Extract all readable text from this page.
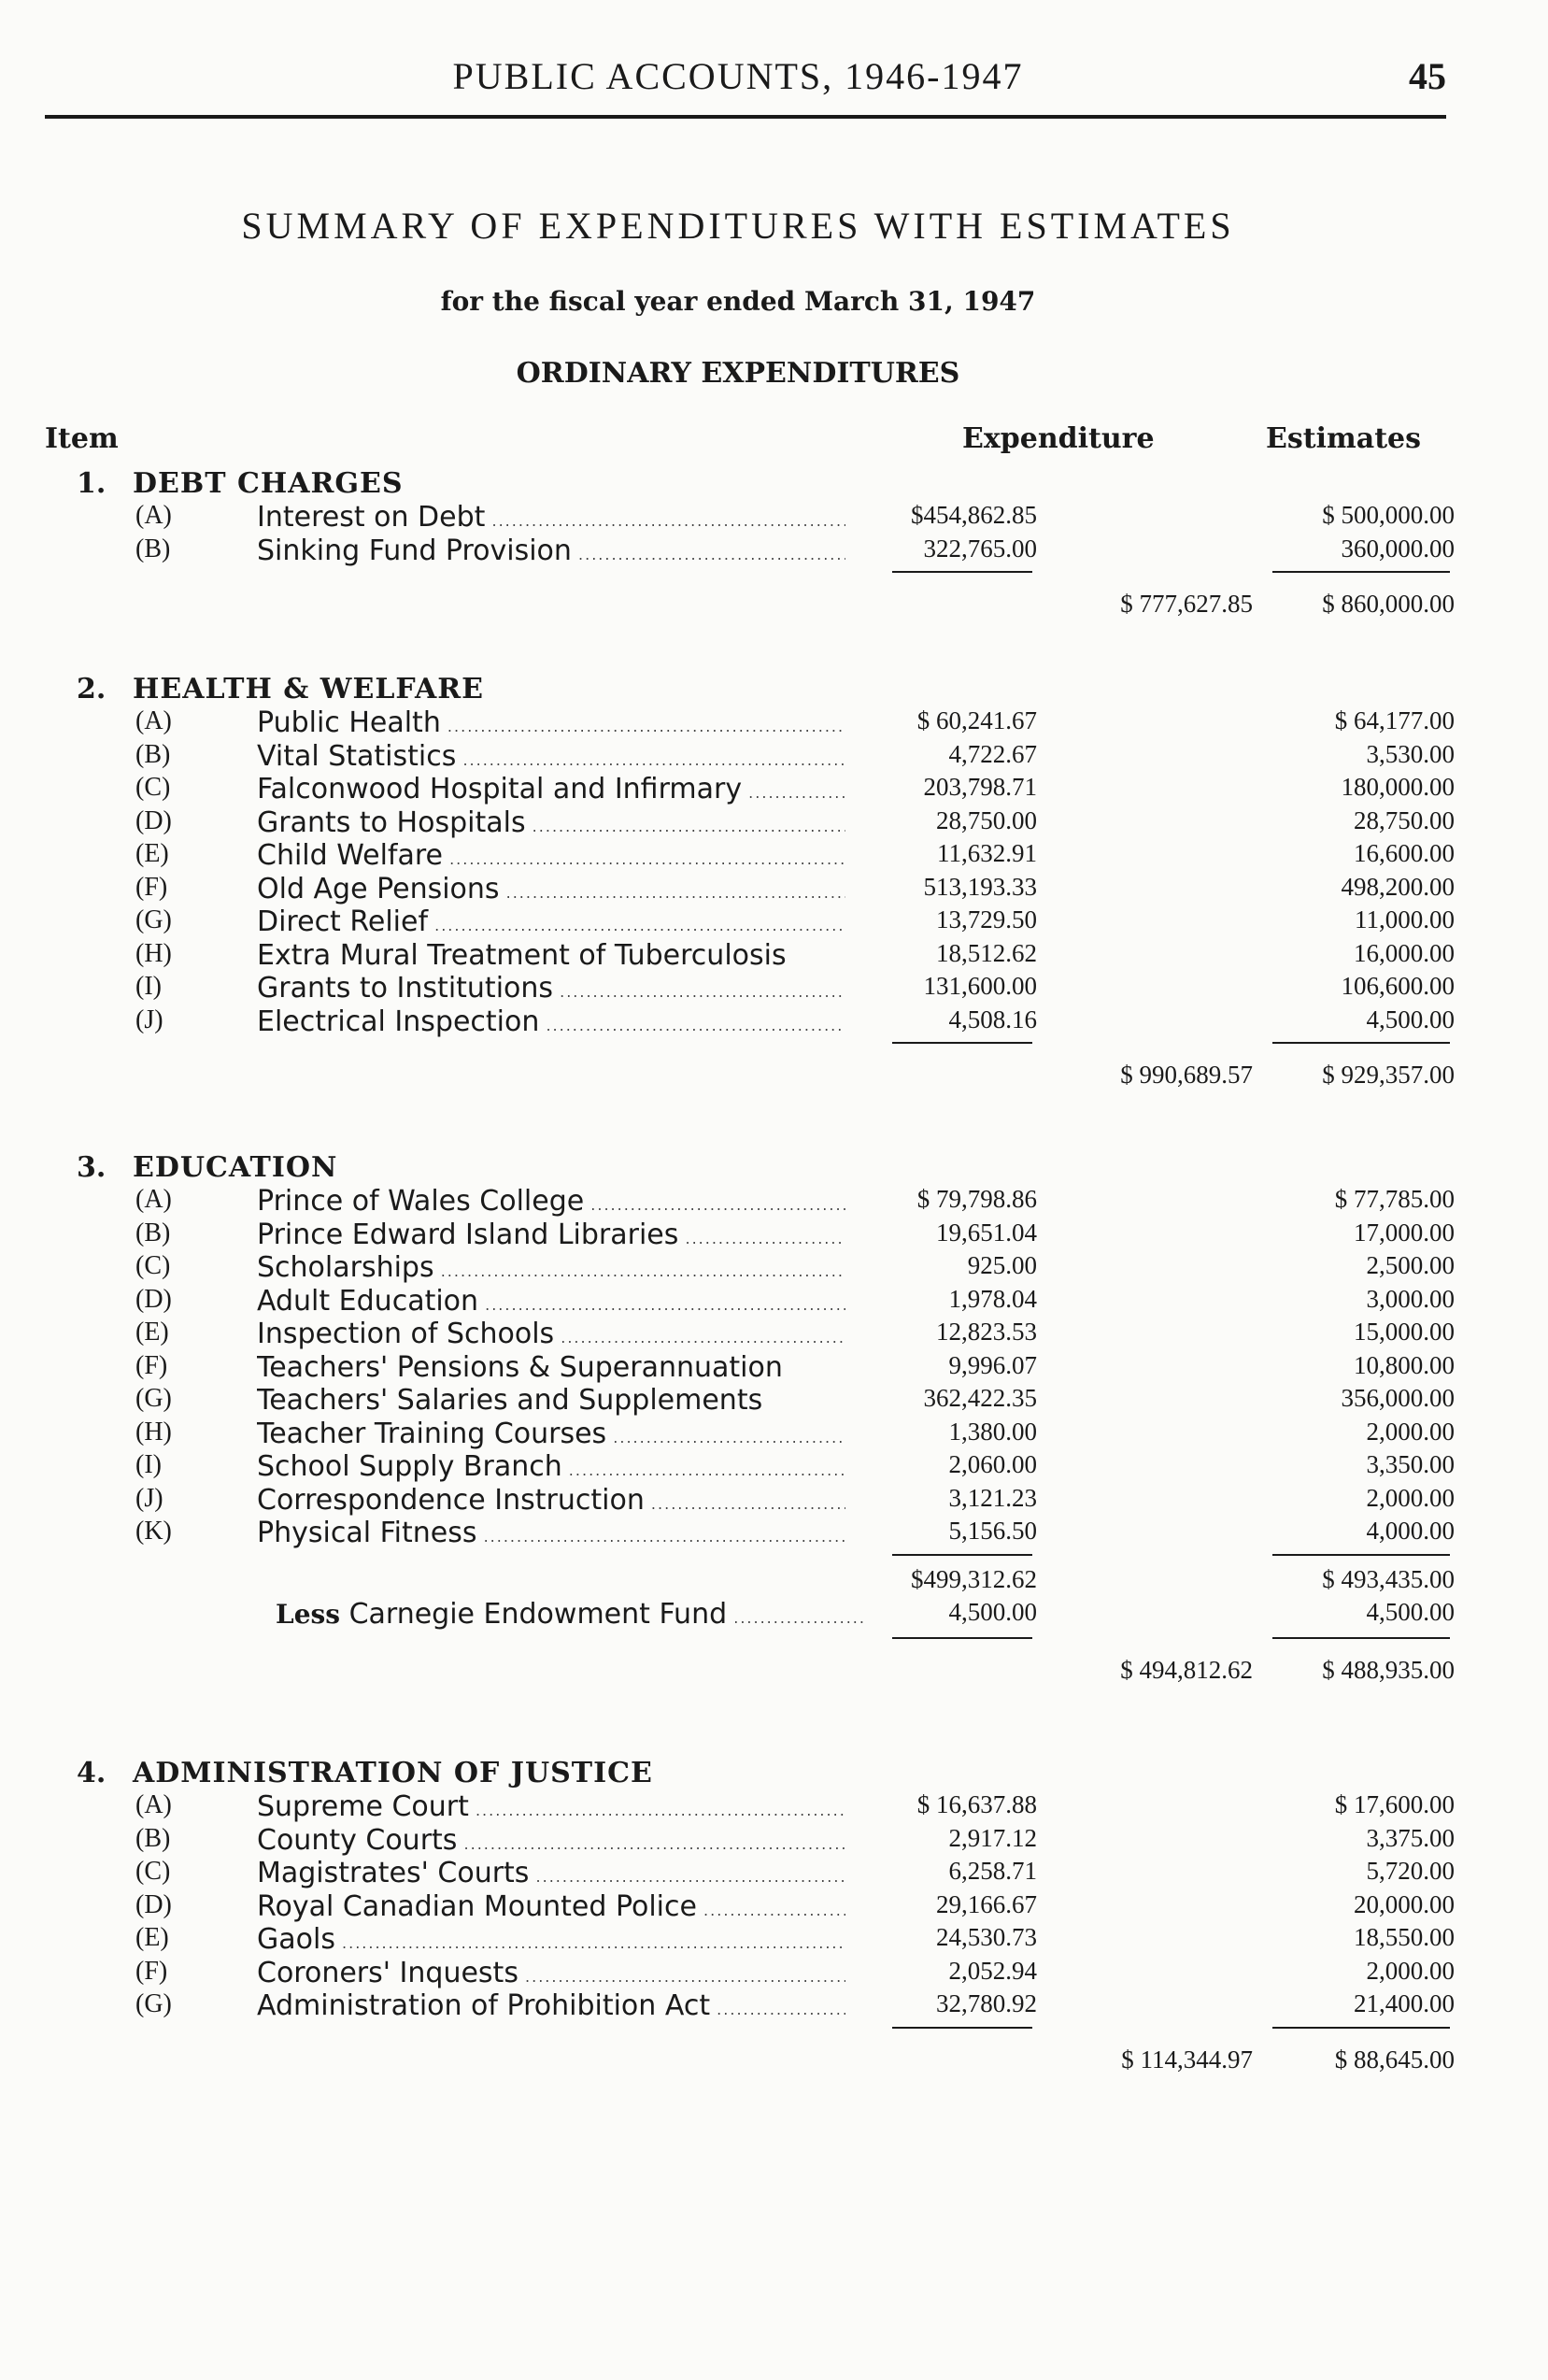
PUBLIC ACCOUNTS, 1946-1947	45
SUMMARY OF EXPENDITURES WITH ESTIMATES
for the fiscal year ended March 31, 1947
ORDINARY EXPENDITURES
Item	Expenditure	Estimates
1. DEBT CHARGES
(A)	Interest on Debt .....	$454,862.85	$ 500,000.00
(B)	Sinking Fund Provision .....	322,765.00	360,000.00
$ 777,627.85	$ 860,000.00
2. HEALTH & WELFARE
(A)	Public Health .....	$ 60,241.67	$ 64,177.00
(B)	Vital Statistics .....	4,722.67	3,530.00
(C)	Falconwood Hospital and Infirmary .....	203,798.71	180,000.00
(D)	Grants to Hospitals .....	28,750.00	28,750.00
(E)	Child Welfare .....	11,632.91	16,600.00
(F)	Old Age Pensions .....	513,193.33	498,200.00
(G)	Direct Relief .....	13,729.50	11,000.00
(H)	Extra Mural Treatment of Tuberculosis	18,512.62	16,000.00
(I)	Grants to Institutions .....	131,600.00	106,600.00
(J)	Electrical Inspection .....	4,508.16	4,500.00
$ 990,689.57	$ 929,357.00
3. EDUCATION
(A)	Prince of Wales College .....	$ 79,798.86	$ 77,785.00
(B)	Prince Edward Island Libraries .....	19,651.04	17,000.00
(C)	Scholarships .....	925.00	2,500.00
(D)	Adult Education .....	1,978.04	3,000.00
(E)	Inspection of Schools .....	12,823.53	15,000.00
(F)	Teachers' Pensions & Superannuation	9,996.07	10,800.00
(G)	Teachers' Salaries and Supplements	362,422.35	356,000.00
(H)	Teacher Training Courses .....	1,380.00	2,000.00
(I)	School Supply Branch .....	2,060.00	3,350.00
(J)	Correspondence Instruction .....	3,121.23	2,000.00
(K)	Physical Fitness .....	5,156.50	4,000.00
$499,312.62	$ 493,435.00
Less Carnegie Endowment Fund .....	4,500.00	4,500.00
$ 494,812.62	$ 488,935.00
4. ADMINISTRATION OF JUSTICE
(A)	Supreme Court .....	$ 16,637.88	$ 17,600.00
(B)	County Courts .....	2,917.12	3,375.00
(C)	Magistrates' Courts .....	6,258.71	5,720.00
(D)	Royal Canadian Mounted Police .....	29,166.67	20,000.00
(E)	Gaols .....	24,530.73	18,550.00
(F)	Coroners' Inquests .....	2,052.94	2,000.00
(G)	Administration of Prohibition Act .....	32,780.92	21,400.00
$ 114,344.97	$ 88,645.00
